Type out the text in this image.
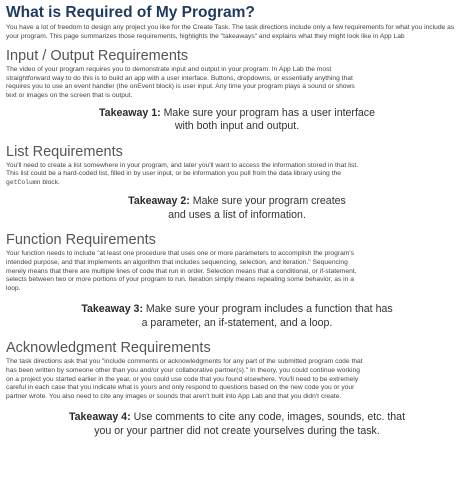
What is Required of My Program?

You have a lot of freedom to design any project you like for the Create Task. The task directions include only a few requirements for what you include as your program. This page summarizes those requirements, highlights the "takeaways" and explains what they might look like in App Lab

Input / Output Requirements

The video of your program requires you to demonstrate input and output in your program. In App Lab the most
straightforward way to do this is to build an app with a user interface. Buttons, dropdowns, or essentially anything that
requires you to use an event handler (the onEvent block) is user input. Any time your program plays a sound or shows
text or images on the screen that is output.

Takeaway 1: Make sure your program has a user interface
with both input and output.
List Requirements

You'll need to create a list somewhere in your program, and later you'll want to access the information stored in that list.
This list could be a hard-coded list, filled in by user input, or be information you pull from the data library using the
getColumn block.

Takeaway 2: Make sure your program creates
and uses a list of information.
Function Requirements

Your function needs to include "at least one procedure that uses one or more parameters to accomplish the program's
intended purpose, and that implements an algorithm that includes sequencing, selection, and iteration." Sequencing
merely means that there are multiple lines of code that run in order. Selection means that a conditional, or if-statement,
selects between two or more portions of your program to run. Iteration simply means repeating some behavior, as in a
loop.

Takeaway 3: Make sure your program includes a function that has
a parameter, an if-statement, and a loop.
Acknowledgment Requirements

The task directions ask that you "include comments or acknowledgments for any part of the submitted program code that
has been written by someone other than you and/or your collaborative partner(s)." In theory, you could continue working
on a project you started earlier in the year, or you could use code that you found elsewhere. You'll need to be extremely
careful in each case that you indicate what is yours and only respond to questions based on the new code you or your
partner wrote. You also need to cite any images or sounds that aren't built into App Lab and that you didn't create.

Takeaway 4: Use comments to cite any code, images, sounds, etc. that
you or your partner did not create yourselves during the task.
